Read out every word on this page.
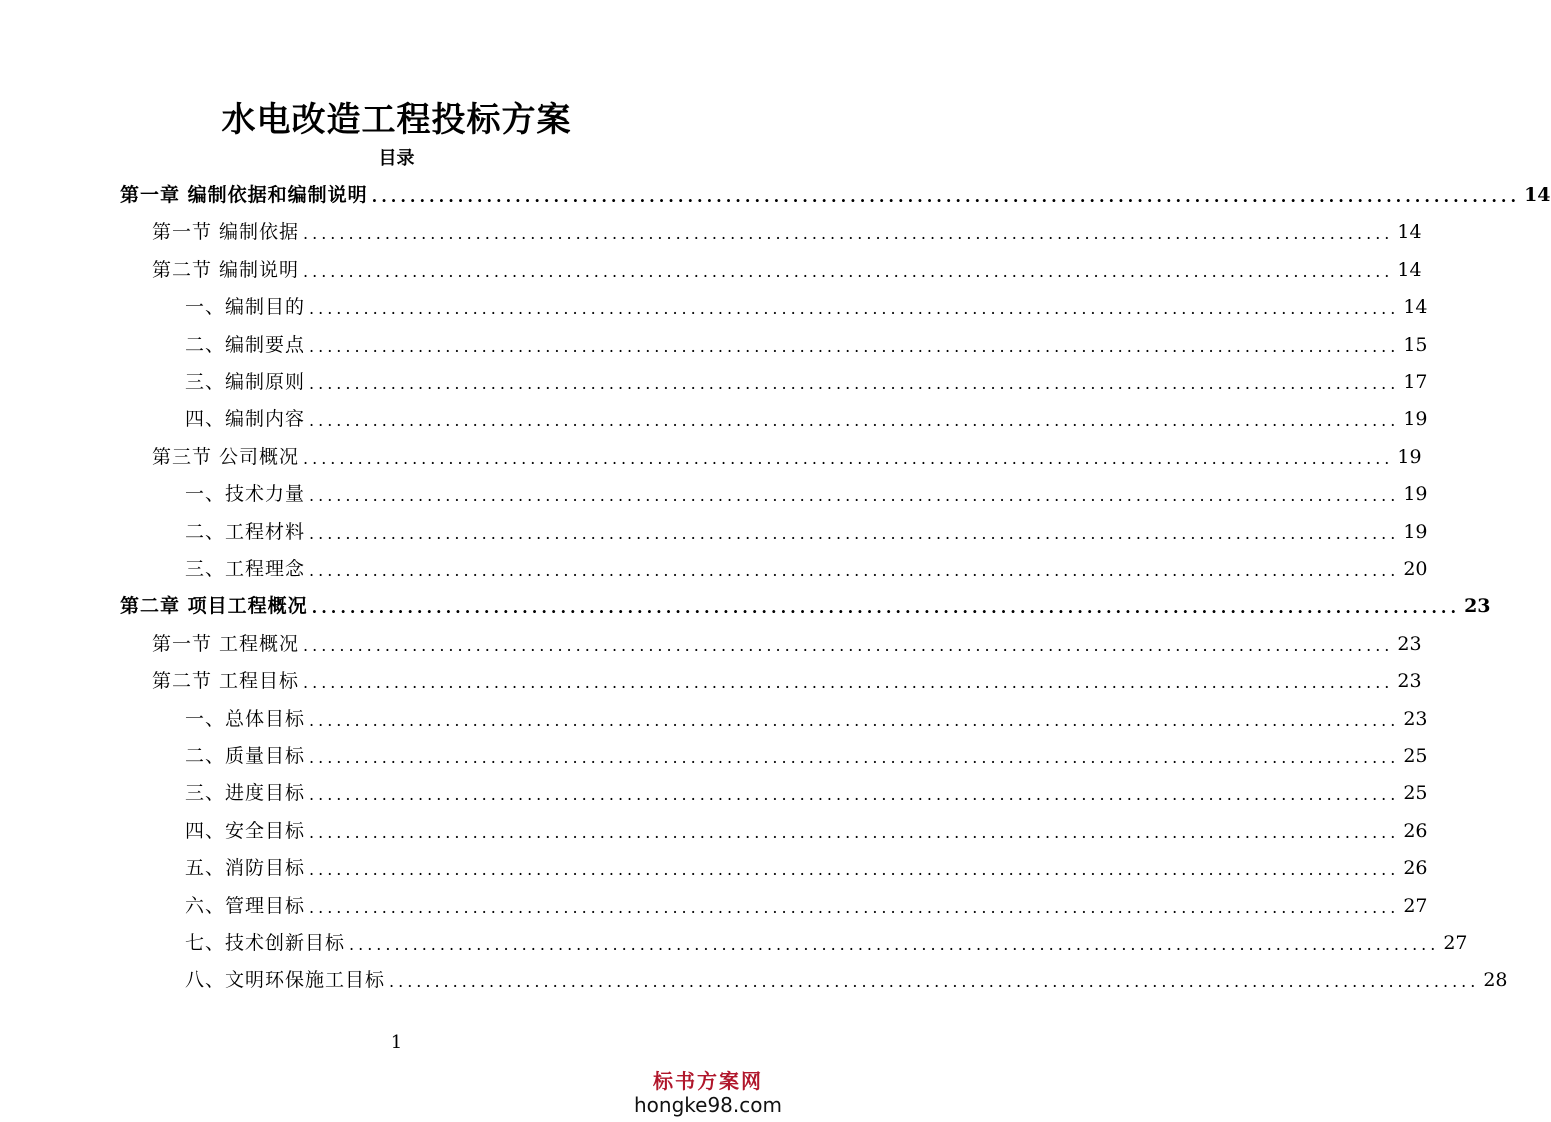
水电改造工程投标方案
目录
第一章 编制依据和编制说明 ........................................................................................................................ 14
第一节 编制依据 ........................................................................................................................ 14
第二节 编制说明 ........................................................................................................................ 14
一、编制目的 ........................................................................................................................ 14
二、编制要点 ........................................................................................................................ 15
三、编制原则 ........................................................................................................................ 17
四、编制内容 ........................................................................................................................ 19
第三节 公司概况 ........................................................................................................................ 19
一、技术力量 ........................................................................................................................ 19
二、工程材料 ........................................................................................................................ 19
三、工程理念 ........................................................................................................................ 20
第二章 项目工程概况 ........................................................................................................................ 23
第一节 工程概况 ........................................................................................................................ 23
第二节 工程目标 ........................................................................................................................ 23
一、总体目标 ........................................................................................................................ 23
二、质量目标 ........................................................................................................................ 25
三、进度目标 ........................................................................................................................ 25
四、安全目标 ........................................................................................................................ 26
五、消防目标 ........................................................................................................................ 26
六、管理目标 ........................................................................................................................ 27
七、技术创新目标 ........................................................................................................................ 27
八、文明环保施工目标 ........................................................................................................................ 28
1
标书方案网
hongke98.com
